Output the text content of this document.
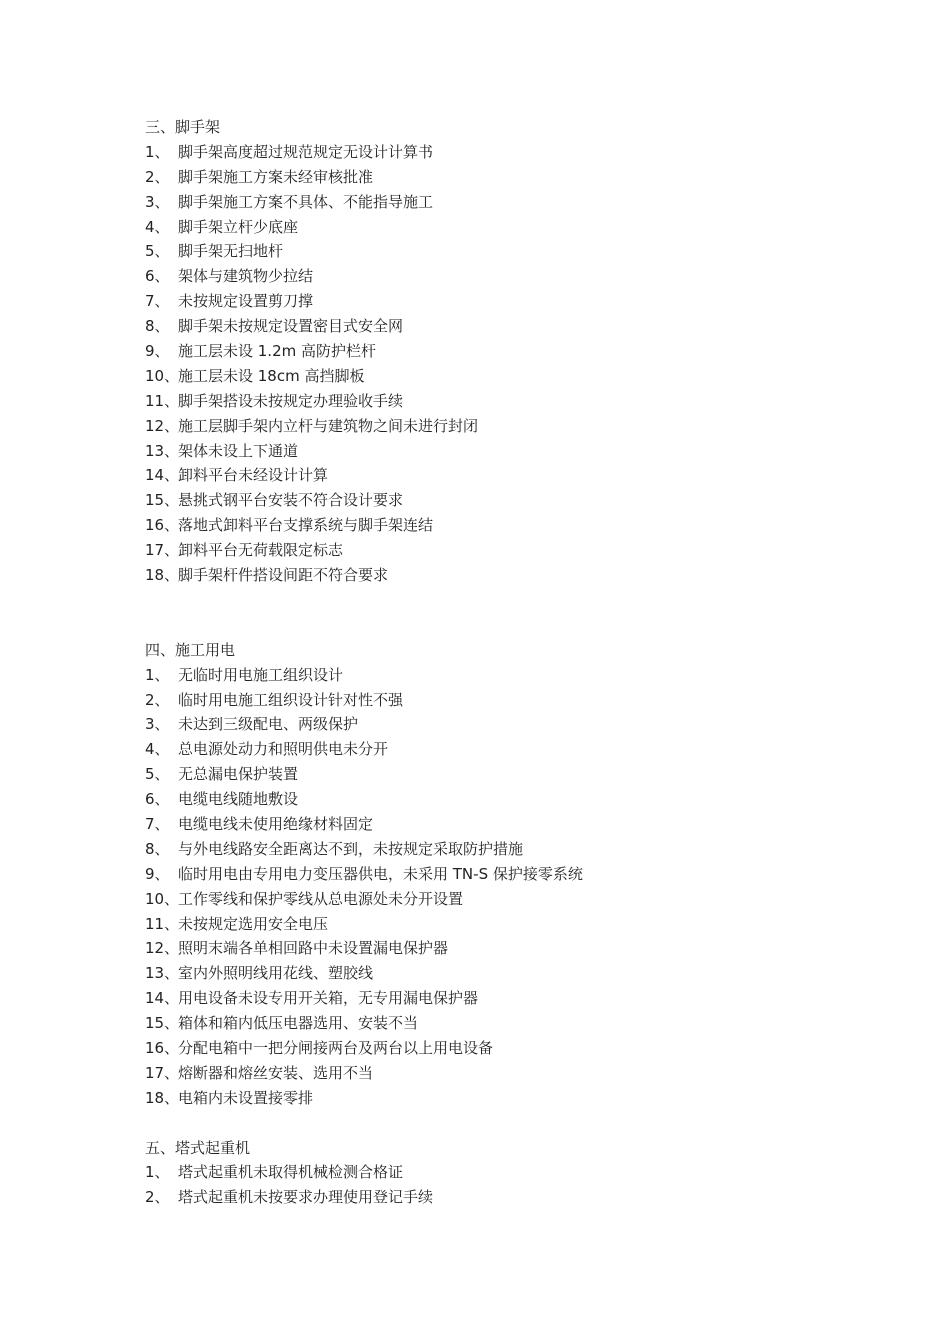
三、脚手架
1、 脚手架高度超过规范规定无设计计算书
2、 脚手架施工方案未经审核批准
3、 脚手架施工方案不具体、不能指导施工
4、 脚手架立杆少底座
5、 脚手架无扫地杆
6、 架体与建筑物少拉结
7、 未按规定设置剪刀撑
8、 脚手架未按规定设置密目式安全网
9、 施工层未设 1.2m 高防护栏杆
10、
施工层未设 18cm 高挡脚板
11、
脚手架搭设未按规定办理验收手续
12、
施工层脚手架内立杆与建筑物之间未进行封闭
13、
架体未设上下通道
14、
卸料平台未经设计计算
15、
悬挑式钢平台安装不符合设计要求
16、
落地式卸料平台支撑系统与脚手架连结
17、
卸料平台无荷载限定标志
18、
脚手架杆件搭设间距不符合要求
四、施工用电
1、 无临时用电施工组织设计
2、 临时用电施工组织设计针对性不强
3、 未达到三级配电、两级保护
4、 总电源处动力和照明供电未分开
5、 无总漏电保护装置
6、 电缆电线随地敷设
7、 电缆电线未使用绝缘材料固定
8、 与外电线路安全距离达不到，未按规定采取防护措施
9、 临时用电由专用电力变压器供电，未采用 TN-S 保护接零系统
10、
工作零线和保护零线从总电源处未分开设置
11、
未按规定选用安全电压
12、
照明末端各单相回路中未设置漏电保护器
13、
室内外照明线用花线、塑胶线
14、
用电设备未设专用开关箱，无专用漏电保护器
15、
箱体和箱内低压电器选用、安装不当
16、
分配电箱中一把分闸接两台及两台以上用电设备
17、
熔断器和熔丝安装、选用不当
18、
电箱内未设置接零排
五、塔式起重机
1、 塔式起重机未取得机械检测合格证
2、 塔式起重机未按要求办理使用登记手续
